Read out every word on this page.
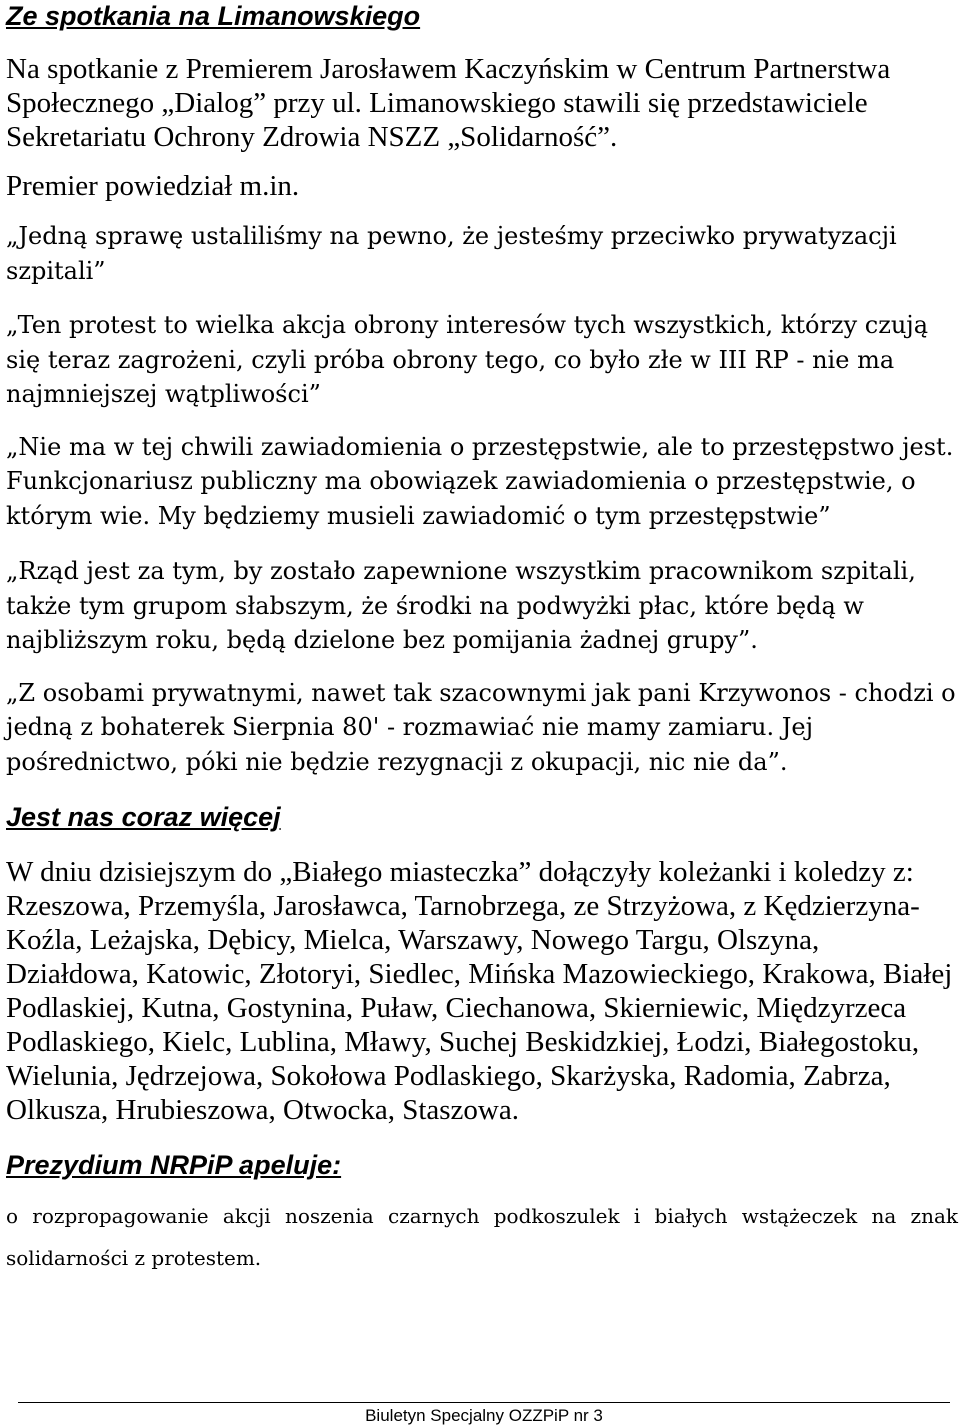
Ze spotkania na Limanowskiego

Na spotkanie z Premierem Jarosławem Kaczyńskim w Centrum Partnerstwa Społecznego „Dialog” przy ul. Limanowskiego stawili się przedstawiciele Sekretariatu Ochrony Zdrowia NSZZ „Solidarność”.

Premier powiedział m.in.

„Jedną sprawę ustaliliśmy na pewno, że jesteśmy przeciwko prywatyzacji szpitali”

„Ten protest to wielka akcja obrony interesów tych wszystkich, którzy czują się teraz zagrożeni, czyli próba obrony tego, co było złe w III RP - nie ma najmniejszej wątpliwości”

„Nie ma w tej chwili zawiadomienia o przestępstwie, ale to przestępstwo jest. Funkcjonariusz publiczny ma obowiązek zawiadomienia o przestępstwie, o którym wie. My będziemy musieli zawiadomić o tym przestępstwie”

„Rząd jest za tym, by zostało zapewnione wszystkim pracownikom szpitali, także tym grupom słabszym, że środki na podwyżki płac, które będą w najbliższym roku, będą dzielone bez pomijania żadnej grupy”.

„Z osobami prywatnymi, nawet tak szacownymi jak pani Krzywonos - chodzi o jedną z bohaterek Sierpnia 80' - rozmawiać nie mamy zamiaru. Jej pośrednictwo, póki nie będzie rezygnacji z okupacji, nic nie da”.

Jest nas coraz więcej

W dniu dzisiejszym do „Białego miasteczka” dołączyły koleżanki i koledzy z: Rzeszowa, Przemyśla, Jarosławca, Tarnobrzega, ze Strzyżowa, z Kędzierzyna-Koźla, Leżajska, Dębicy, Mielca, Warszawy, Nowego Targu, Olszyna, Działdowa, Katowic, Złotoryi, Siedlec, Mińska Mazowieckiego, Krakowa, Białej Podlaskiej, Kutna, Gostynina, Puław, Ciechanowa, Skierniewic, Międzyrzeca Podlaskiego, Kielc, Lublina, Mławy, Suchej Beskidzkiej, Łodzi, Białegostoku, Wielunia, Jędrzejowa, Sokołowa Podlaskiego, Skarżyska, Radomia, Zabrza, Olkusza, Hrubieszowa, Otwocka, Staszowa.

Prezydium NRPiP apeluje:

o rozpropagowanie akcji noszenia czarnych podkoszulek i białych wstążeczek na znak solidarności z protestem.

Biuletyn Specjalny OZZPiP nr 3
